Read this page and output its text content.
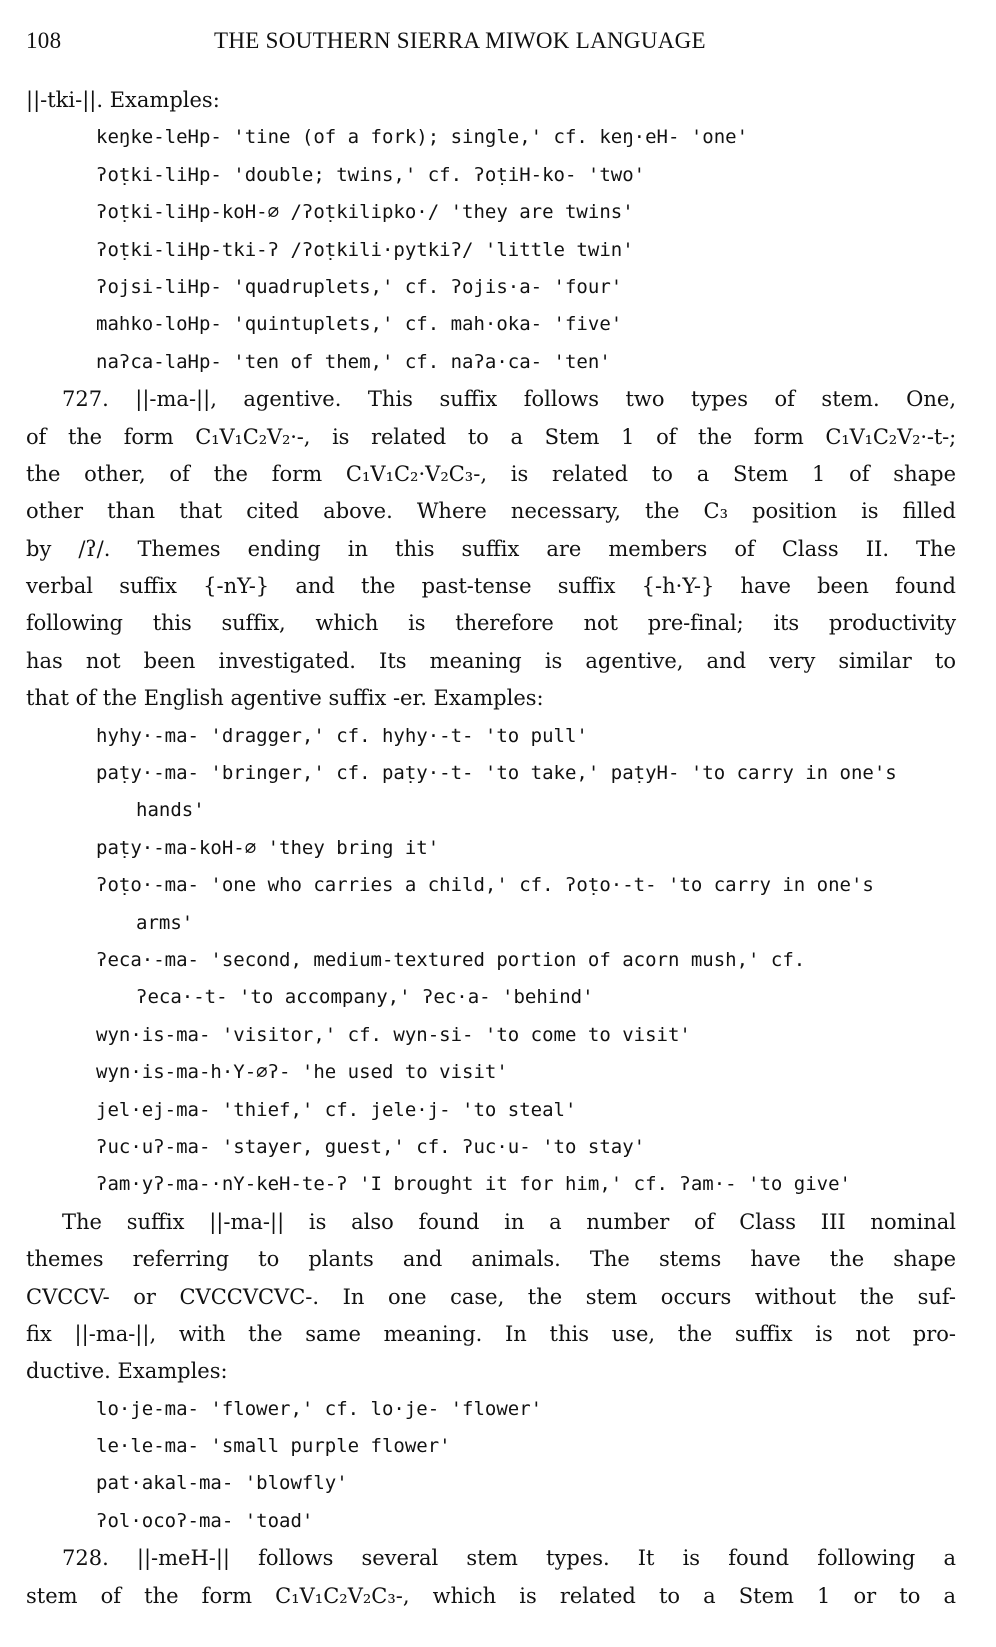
108	THE SOUTHERN SIERRA MIWOK LANGUAGE
||-tki-||. Examples:
keŋke-leHp- 'tine (of a fork); single,' cf. keŋ·eH- 'one'
ʔoṭki-liHp- 'double; twins,' cf. ʔoṭiH-ko- 'two'
ʔoṭki-liHp-koH-∅ /ʔoṭkilipko·/ 'they are twins'
ʔoṭki-liHp-tki-ʔ /ʔoṭkili·pytkiʔ/ 'little twin'
ʔojsi-liHp- 'quadruplets,' cf. ʔojis·a- 'four'
mahko-loHp- 'quintuplets,' cf. mah·oka- 'five'
naʔca-laHp- 'ten of them,' cf. naʔa·ca- 'ten'
727. ||-ma-||, agentive. This suffix follows two types of stem. One,
of the form C₁V₁C₂V₂·-, is related to a Stem 1 of the form C₁V₁C₂V₂·-t-;
the other, of the form C₁V₁C₂·V₂C₃-, is related to a Stem 1 of shape
other than that cited above. Where necessary, the C₃ position is filled
by /ʔ/. Themes ending in this suffix are members of Class II. The
verbal suffix {-nY-} and the past-tense suffix {-h·Y-} have been found
following this suffix, which is therefore not pre-final; its productivity
has not been investigated. Its meaning is agentive, and very similar to
that of the English agentive suffix -er. Examples:
hyhy·-ma- 'dragger,' cf. hyhy·-t- 'to pull'
paṭy·-ma- 'bringer,' cf. paṭy·-t- 'to take,' paṭyH- 'to carry in one's
hands'
paṭy·-ma-koH-∅ 'they bring it'
ʔoṭo·-ma- 'one who carries a child,' cf. ʔoṭo·-t- 'to carry in one's
arms'
ʔeca·-ma- 'second, medium-textured portion of acorn mush,' cf.
ʔeca·-t- 'to accompany,' ʔec·a- 'behind'
wyn·is-ma- 'visitor,' cf. wyn-si- 'to come to visit'
wyn·is-ma-h·Y-∅ʔ- 'he used to visit'
jel·ej-ma- 'thief,' cf. jele·j- 'to steal'
ʔuc·uʔ-ma- 'stayer, guest,' cf. ʔuc·u- 'to stay'
ʔam·yʔ-ma-·nY-keH-te-ʔ 'I brought it for him,' cf. ʔam·- 'to give'
The suffix ||-ma-|| is also found in a number of Class III nominal
themes referring to plants and animals. The stems have the shape
CVCCV- or CVCCVCVC-. In one case, the stem occurs without the suf-
fix ||-ma-||, with the same meaning. In this use, the suffix is not pro-
ductive. Examples:
lo·je-ma- 'flower,' cf. lo·je- 'flower'
le·le-ma- 'small purple flower'
pat·akal-ma- 'blowfly'
ʔol·ocoʔ-ma- 'toad'
728. ||-meH-|| follows several stem types. It is found following a
stem of the form C₁V₁C₂V₂C₃-, which is related to a Stem 1 or to a
